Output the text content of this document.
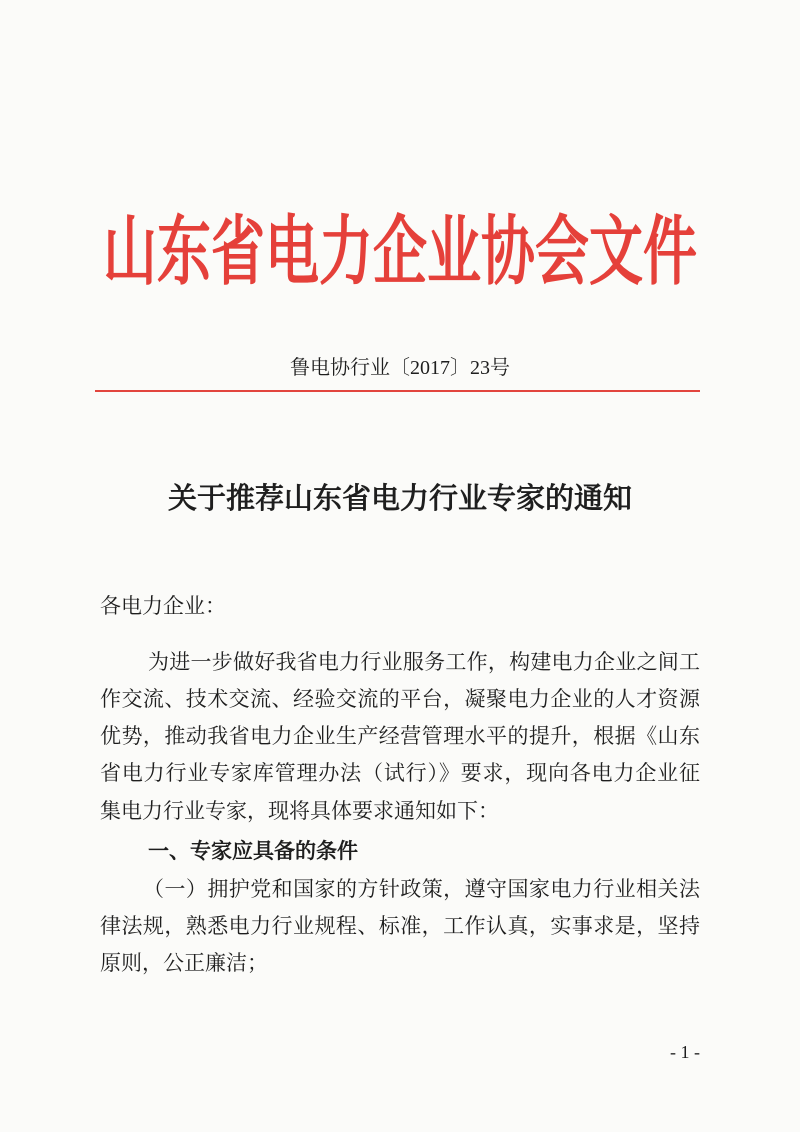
山东省电力企业协会文件
鲁电协行业〔2017〕23号
关于推荐山东省电力行业专家的通知
各电力企业：
为进一步做好我省电力行业服务工作，构建电力企业之间工
作交流、技术交流、经验交流的平台，凝聚电力企业的人才资源
优势，推动我省电力企业生产经营管理水平的提升，根据《山东
省电力行业专家库管理办法（试行）》要求，现向各电力企业征
集电力行业专家，现将具体要求通知如下：
一、专家应具备的条件
（一）拥护党和国家的方针政策，遵守国家电力行业相关法
律法规，熟悉电力行业规程、标准，工作认真，实事求是，坚持
原则，公正廉洁；
- 1 -
